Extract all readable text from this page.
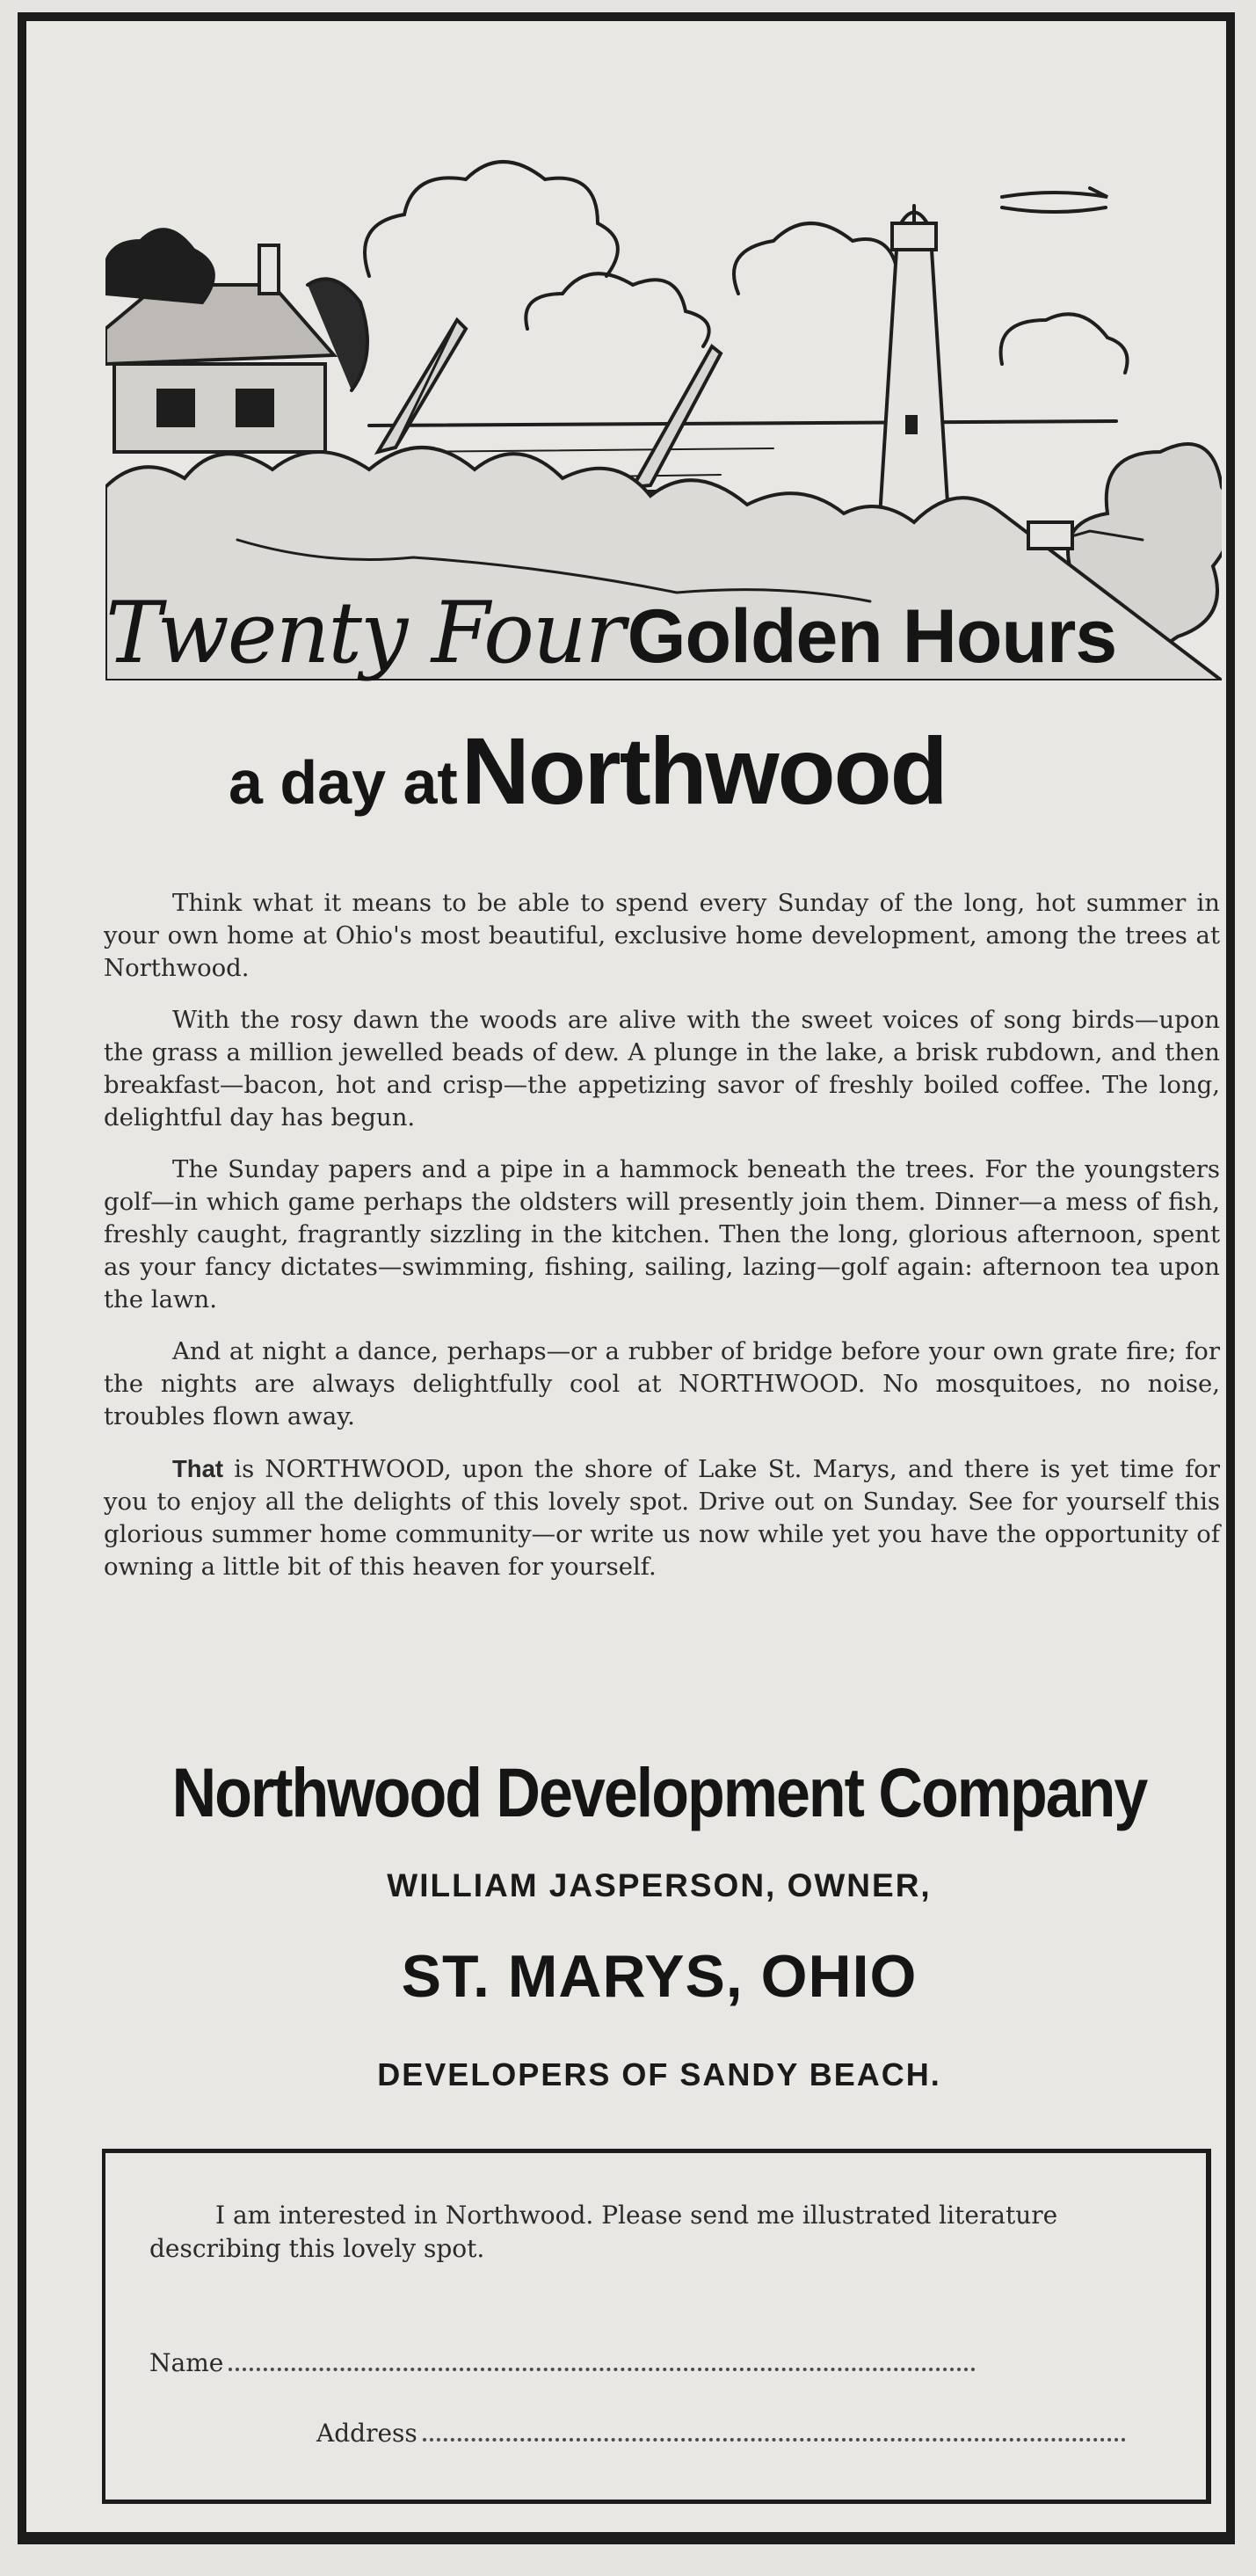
Twenty Four Golden Hours
a day at Northwood

Think what it means to be able to spend every Sunday of the long, hot summer in your own home at Ohio's most beautiful, exclusive home development, among the trees at Northwood.

With the rosy dawn the woods are alive with the sweet voices of song birds—upon the grass a million jewelled beads of dew. A plunge in the lake, a brisk rubdown, and then breakfast—bacon, hot and crisp—the appetizing savor of freshly boiled coffee. The long, delightful day has begun.

The Sunday papers and a pipe in a hammock beneath the trees. For the youngsters golf—in which game perhaps the oldsters will presently join them. Dinner—a mess of fish, freshly caught, fragrantly sizzling in the kitchen. Then the long, glorious afternoon, spent as your fancy dictates—swimming, fishing, sailing, lazing—golf again: afternoon tea upon the lawn.

And at night a dance, perhaps—or a rubber of bridge before your own grate fire; for the nights are always delightfully cool at NORTHWOOD. No mosquitoes, no noise, troubles flown away.

That is NORTHWOOD, upon the shore of Lake St. Marys, and there is yet time for you to enjoy all the delights of this lovely spot. Drive out on Sunday. See for yourself this glorious summer home community—or write us now while yet you have the opportunity of owning a little bit of this heaven for yourself.

Northwood Development Company
WILLIAM JASPERSON, OWNER,
ST. MARYS, OHIO
DEVELOPERS OF SANDY BEACH.
I am interested in Northwood. Please send me illustrated literature describing this lovely spot.
Name
Address
